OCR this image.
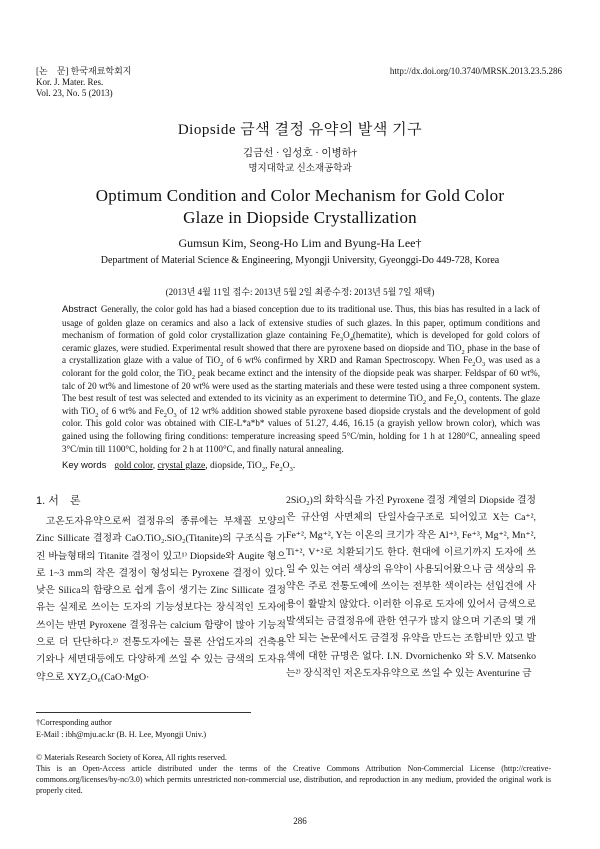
[논　문] 한국재료학회지
Kor. J. Mater. Res.
Vol. 23, No. 5 (2013)
http://dx.doi.org/10.3740/MRSK.2013.23.5.286
Diopside 금색 결정 유약의 발색 기구
김금선 · 임성호 · 이병하†
명지대학교 신소재공학과
Optimum Condition and Color Mechanism for Gold Color
Glaze in Diopside Crystallization
Gumsun Kim, Seong-Ho Lim and Byung-Ha Lee†
Department of Material Science & Engineering, Myongji University, Gyeonggi-Do 449-728, Korea
(2013년 4월 11일 접수: 2013년 5월 2일 최종수정: 2013년 5월 7일 채택)
Abstract Generally, the color gold has had a biased conception due to its traditional use. Thus, this bias has resulted in a lack of usage of golden glaze on ceramics and also a lack of extensive studies of such glazes. In this paper, optimum conditions and mechanism of formation of gold color crystallization glaze containing $Fe_3O_4(hematite)$, which is developed for gold colors of ceramic glazes, were studied. Experimental result showed that there are pyroxene based on diopside and TiO$_2$ phase in the base of a crystallization glaze with a value of TiO$_2$ of 6 wt% confirmed by XRD and Raman Spectroscopy. When $Fe_2O_3$ was used as a colorant for the gold color, the TiO$_2$ peak became extinct and the intensity of the diopside peak was sharper. Feldspar of 60 wt%, talc of 20 wt% and limestone of 20 wt% were used as the starting materials and these were tested using a three component system. The best result of test was selected and extended to its vicinity as an experiment to determine TiO$_2$ and $Fe_2O_3$ contents. The glaze with TiO$_2$ of 6 wt% and $Fe_2O_3$ of 12 wt% addition showed stable pyroxene based diopside crystals and the development of gold color. This gold color was obtained with CIE-L*a*b* values of 51.27, 4.46, 16.15 (a grayish yellow brown color), which was gained using the following firing conditions: temperature increasing speed 5°C/min, holding for 1 h at 1280°C, annealing speed 3°C/min till 1100°C, holding for 2 h at 1100°C, and finally natural annealing.
Key words gold color, crystal glaze, diopside, TiO$_2$, $Fe_2O_3$.
1. 서　론

고온도자유약으로써 결정유의 종류에는 부채꼴 모양의 Zinc Sillicate 결정과 CaO.TiO₂.SiO₂(Titanite)의 구조식을 가진 바늘형태의 Titanite 결정이 있고¹⁾ Diopside와 Augite 형으로 1~3 mm의 작은 결정이 형성되는 Pyroxene 결정이 있다. 낮은 Silica의 함량으로 쉽게 흠이 생기는 Zinc Sillicate 결정유는 실제로 쓰이는 도자의 기능성보다는 장식적인 도자에 쓰이는 반면 Pyroxene 결정유는 calcium 함량이 많아 기능적으로 더 단단하다.²⁾ 전통도자에는 물론 산업도자의 건축용 기와나 세면대등에도 다양하게 쓰일 수 있는 금색의 도자유약으로 XYZ₂O₆(CaO·MgO·

2SiO₂)의 화학식을 가진 Pyroxene 결정 계열의 Diopside 결정은 규산염 사면체의 단일사슬구조로 되어있고 X는 Ca⁺², Fe⁺², Mg⁺², Y는 이온의 크기가 작은 Al⁺³, Fe⁺³, Mg⁺², Mn⁺², Ti⁺², V⁺²로 치환되기도 한다. 현대에 이르기까지 도자에 쓰일 수 있는 여러 색상의 유약이 사용되어왔으나 금 색상의 유약은 주로 전통도예에 쓰이는 전부한 색이라는 선입견에 사용이 활발치 않았다. 이러한 이유로 도자에 있어서 금색으로 발색되는 금결정유에 관한 연구가 많지 않으며 기존의 몇 개 안 되는 논문에서도 금결정 유약을 만드는 조합비만 있고 발색에 대한 규명은 없다. I.N. Dvornichenko 와 S.V. Matsenko는²⁾ 장식적인 저온도자유약으로 쓰일 수 있는 Aventurine 금

†Corresponding author
E-Mail : ibh@mju.ac.kr (B. H. Lee, Myongji Univ.)
© Materials Research Society of Korea, All rights reserved.
This is an Open-Access article distributed under the terms of the Creative Commons Attribution Non-Commercial License (http://creative-commons.org/licenses/by-nc/3.0) which permits unrestricted non-commercial use, distribution, and reproduction in any medium, provided the original work is properly cited.
286
